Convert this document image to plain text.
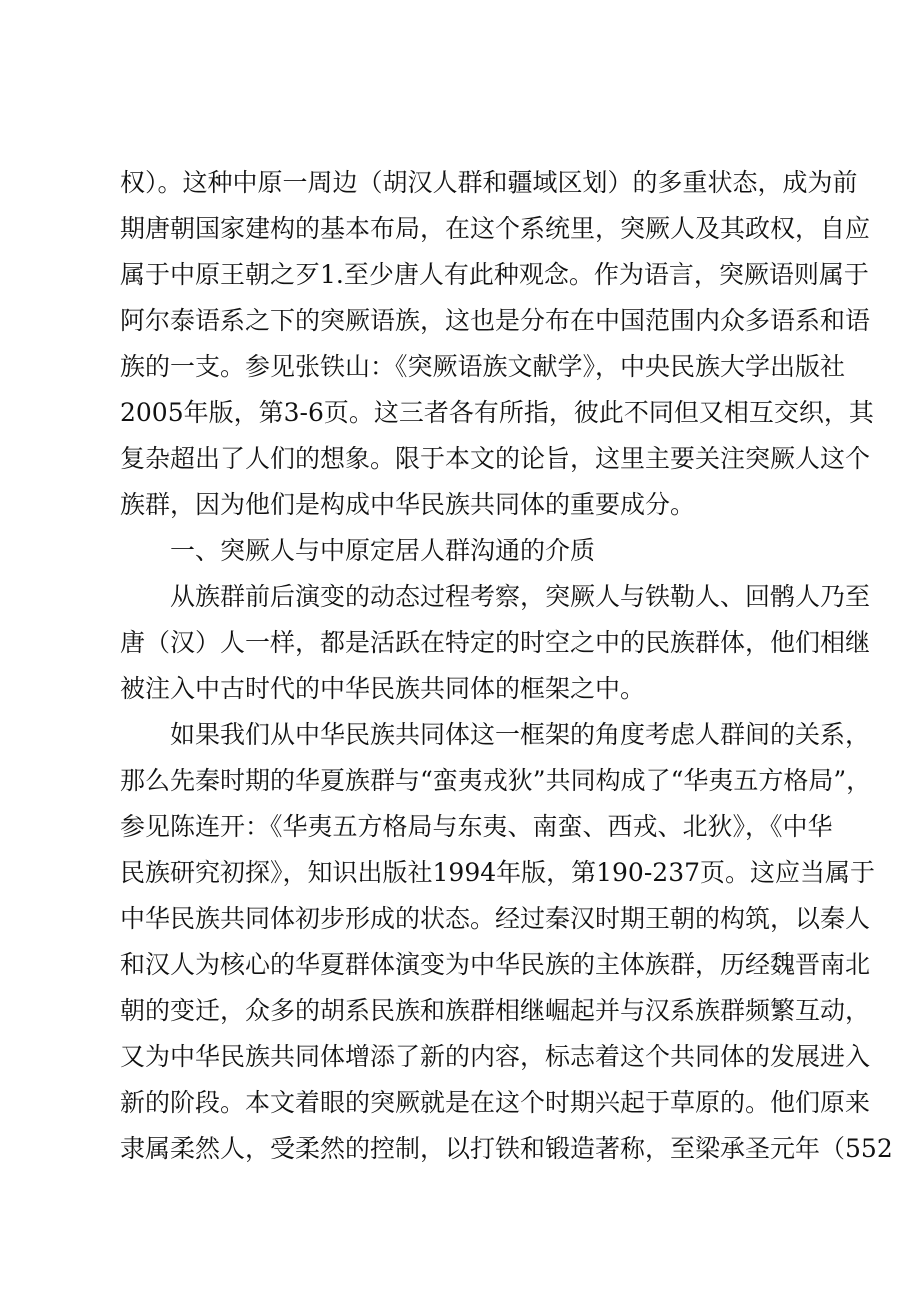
权）。这种中原一周边（胡汉人群和疆域区划）的多重状态，成为前
期唐朝国家建构的基本布局，在这个系统里，突厥人及其政权，自应
属于中原王朝之歹1.至少唐人有此种观念。作为语言，突厥语则属于
阿尔泰语系之下的突厥语族，这也是分布在中国范围内众多语系和语
族的一支。参见张铁山：《突厥语族文献学》，中央民族大学出版社
2005年版，第3-6页。这三者各有所指，彼此不同但又相互交织，其
复杂超出了人们的想象。限于本文的论旨，这里主要关注突厥人这个
族群，因为他们是构成中华民族共同体的重要成分。
一、突厥人与中原定居人群沟通的介质
从族群前后演变的动态过程考察，突厥人与铁勒人、回鹘人乃至
唐（汉）人一样，都是活跃在特定的时空之中的民族群体，他们相继
被注入中古时代的中华民族共同体的框架之中。
如果我们从中华民族共同体这一框架的角度考虑人群间的关系，
那么先秦时期的华夏族群与“蛮夷戎狄”共同构成了“华夷五方格局”，
参见陈连开：《华夷五方格局与东夷、南蛮、西戎、北狄》，《中华
民族研究初探》，知识出版社1994年版，第190-237页。这应当属于
中华民族共同体初步形成的状态。经过秦汉时期王朝的构筑，以秦人
和汉人为核心的华夏群体演变为中华民族的主体族群，历经魏晋南北
朝的变迁，众多的胡系民族和族群相继崛起并与汉系族群频繁互动，
又为中华民族共同体增添了新的内容，标志着这个共同体的发展进入
新的阶段。本文着眼的突厥就是在这个时期兴起于草原的。他们原来
隶属柔然人，受柔然的控制，以打铁和锻造著称，至梁承圣元年（552
